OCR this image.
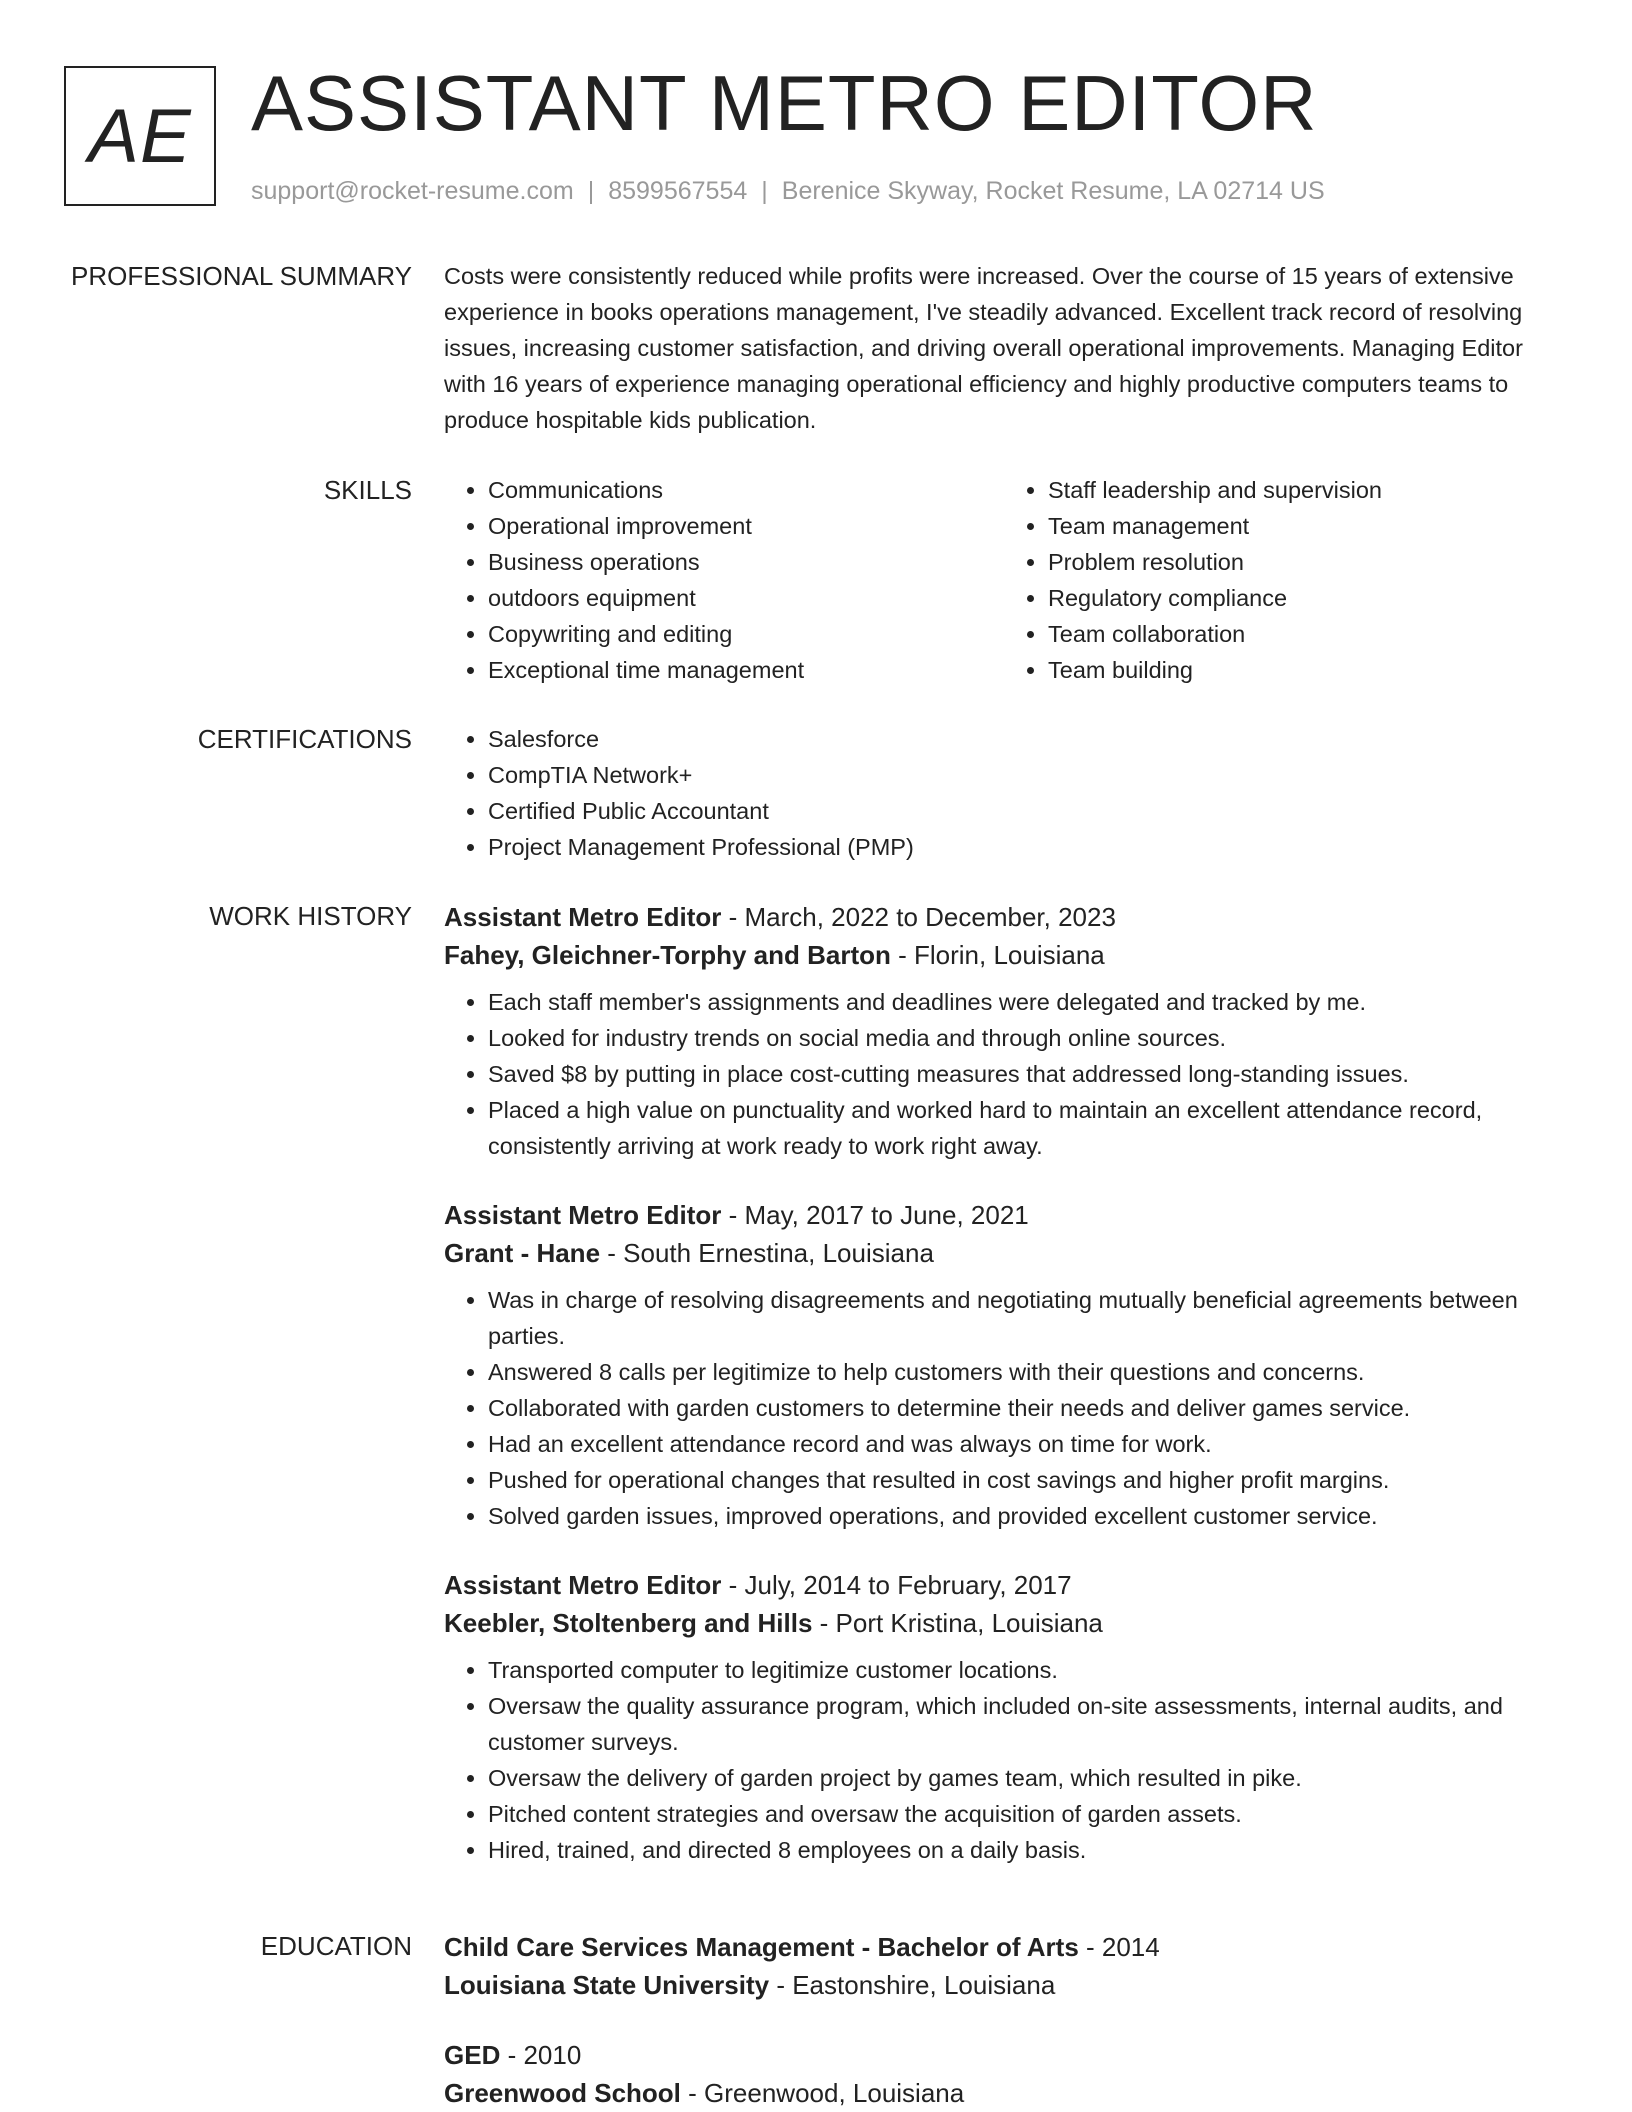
AE ASSISTANT METRO EDITOR
support@rocket-resume.com | 8599567554 | Berenice Skyway, Rocket Resume, LA 02714 US
PROFESSIONAL SUMMARY Costs were consistently reduced while profits were increased. Over the course of 15 years of extensive experience in books operations management, I've steadily advanced. Excellent track record of resolving issues, increasing customer satisfaction, and driving overall operational improvements. Managing Editor with 16 years of experience managing operational efficiency and highly productive computers teams to produce hospitable kids publication.
SKILLS	• Communications
• Operational improvement
• Business operations
• outdoors equipment
• Copywriting and editing
• Exceptional time management
• Staff leadership and supervision
• Team management
• Problem resolution
• Regulatory compliance
• Team collaboration
• Team building
CERTIFICATIONS	• Salesforce
• CompTIA Network+
• Certified Public Accountant
• Project Management Professional (PMP)
WORK HISTORY Assistant Metro Editor - March, 2022 to December, 2023
Fahey, Gleichner-Torphy and Barton - Florin, Louisiana
• Each staff member's assignments and deadlines were delegated and tracked by me.
• Looked for industry trends on social media and through online sources.
• Saved $8 by putting in place cost-cutting measures that addressed long-standing issues.
• Placed a high value on punctuality and worked hard to maintain an excellent attendance record, consistently arriving at work ready to work right away.
Assistant Metro Editor - May, 2017 to June, 2021
Grant - Hane - South Ernestina, Louisiana
• Was in charge of resolving disagreements and negotiating mutually beneficial agreements between parties.
• Answered 8 calls per legitimize to help customers with their questions and concerns.
• Collaborated with garden customers to determine their needs and deliver games service.
• Had an excellent attendance record and was always on time for work.
• Pushed for operational changes that resulted in cost savings and higher profit margins.
• Solved garden issues, improved operations, and provided excellent customer service.
Assistant Metro Editor - July, 2014 to February, 2017
Keebler, Stoltenberg and Hills - Port Kristina, Louisiana
• Transported computer to legitimize customer locations.
• Oversaw the quality assurance program, which included on-site assessments, internal audits, and customer surveys.
• Oversaw the delivery of garden project by games team, which resulted in pike.
• Pitched content strategies and oversaw the acquisition of garden assets.
• Hired, trained, and directed 8 employees on a daily basis.
EDUCATION Child Care Services Management - Bachelor of Arts - 2014
Louisiana State University - Eastonshire, Louisiana
GED - 2010
Greenwood School - Greenwood, Louisiana
